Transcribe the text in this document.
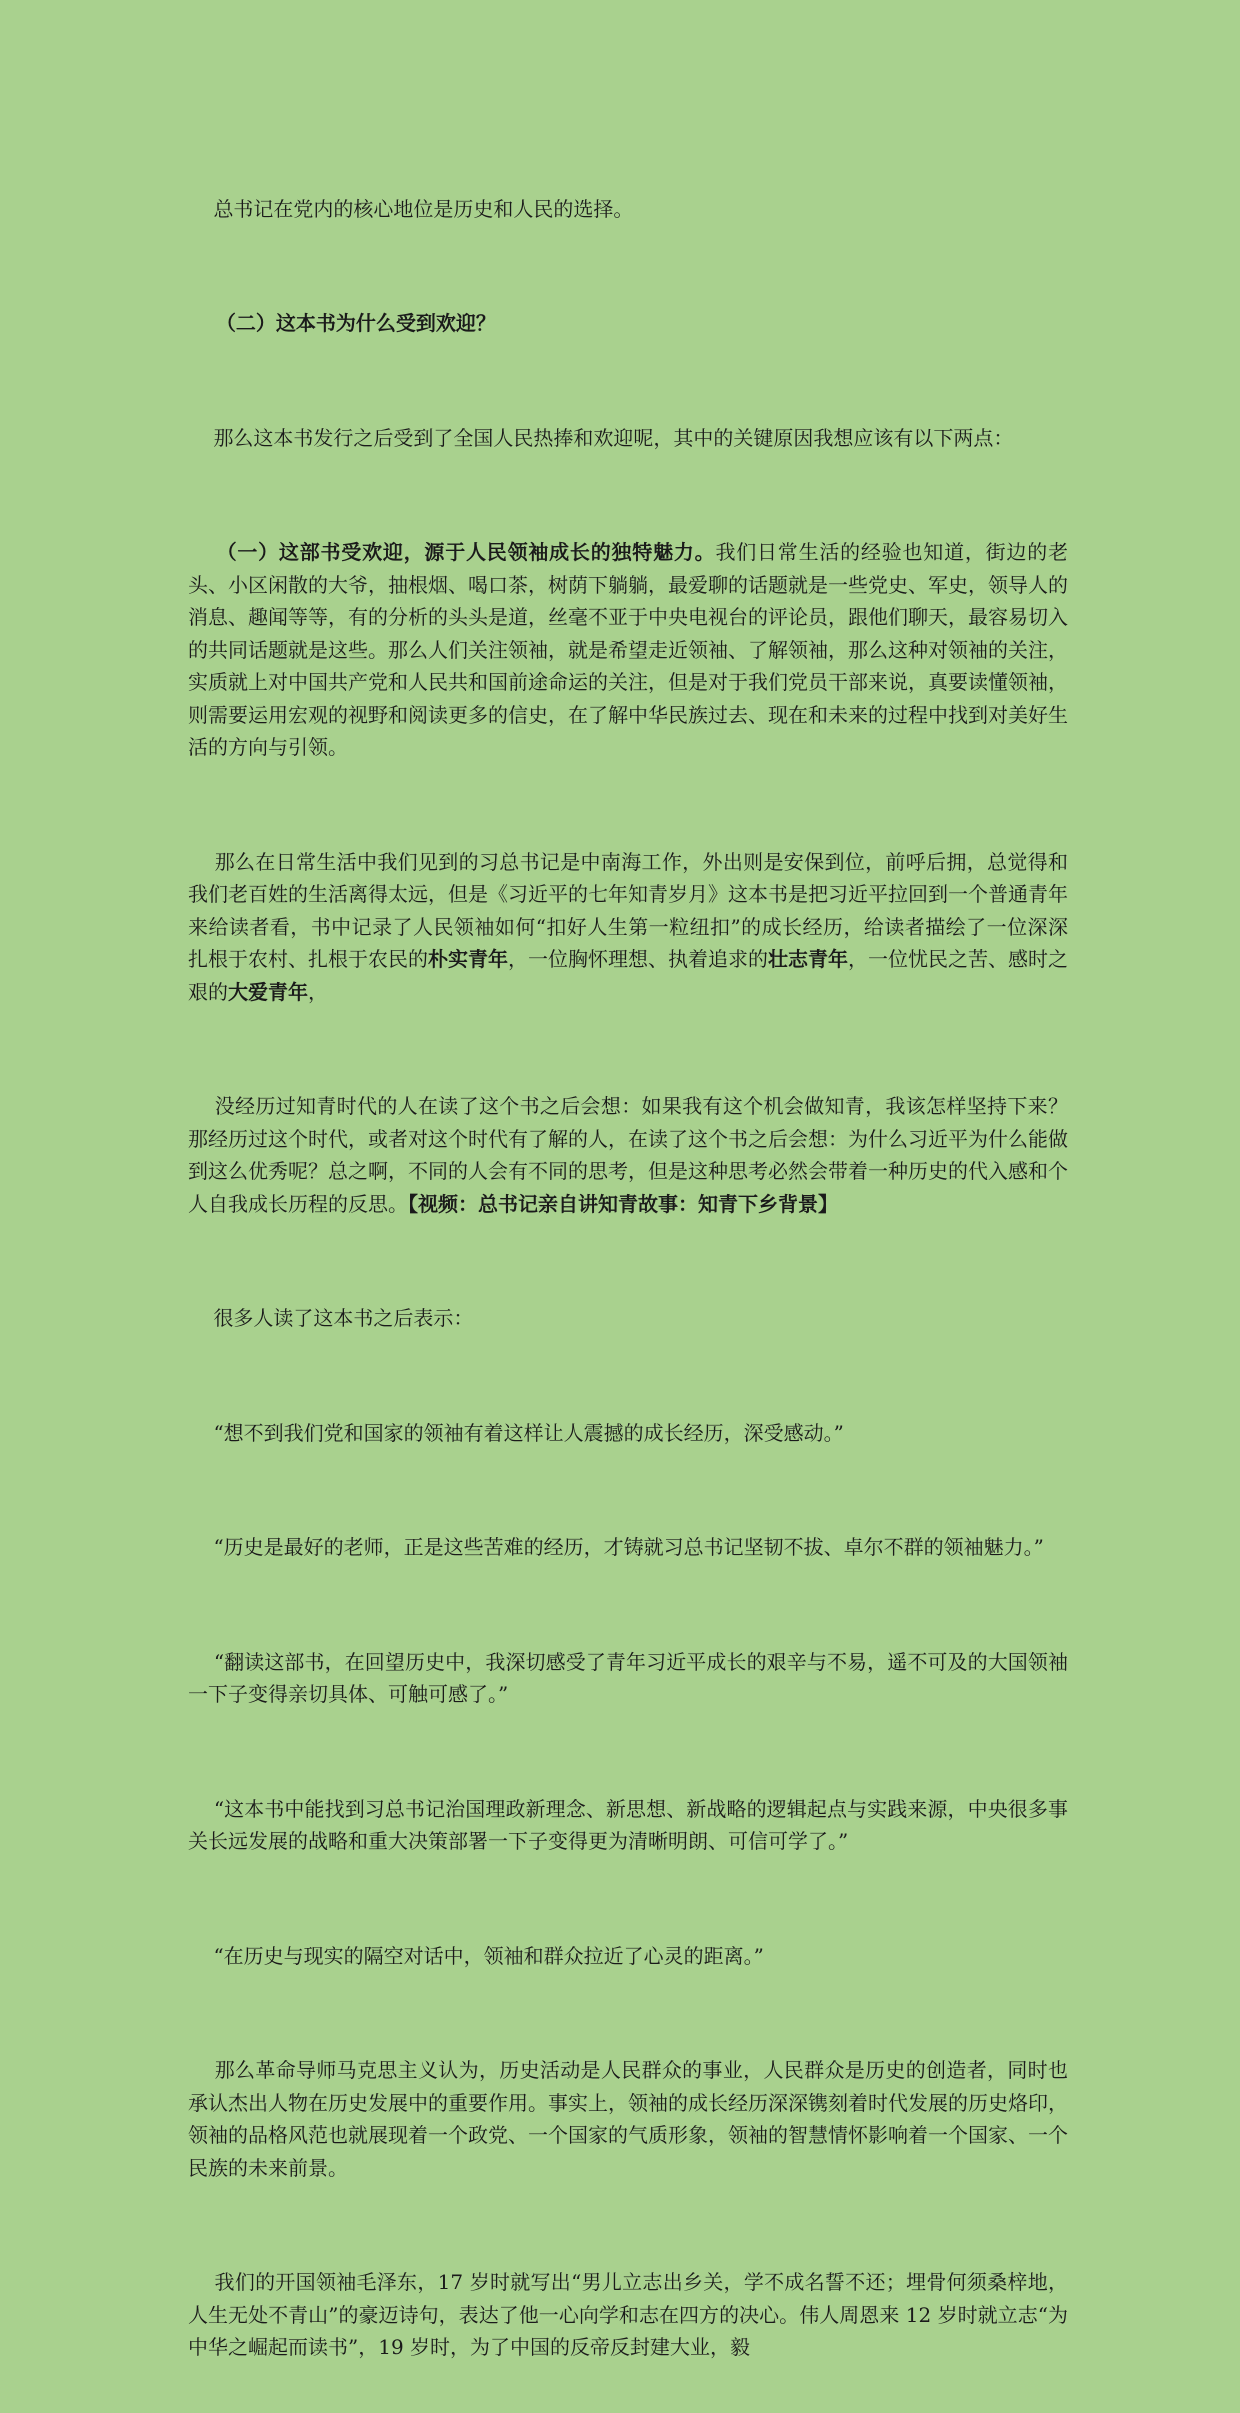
总书记在党内的核心地位是历史和人民的选择。

（二）这本书为什么受到欢迎？

那么这本书发行之后受到了全国人民热捧和欢迎呢，其中的关键原因我想应该有以下两点：

（一）这部书受欢迎，源于人民领袖成长的独特魅力。我们日常生活的经验也知道，街边的老头、小区闲散的大爷，抽根烟、喝口茶，树荫下躺躺，最爱聊的话题就是一些党史、军史，领导人的消息、趣闻等等，有的分析的头头是道，丝毫不亚于中央电视台的评论员，跟他们聊天，最容易切入的共同话题就是这些。那么人们关注领袖，就是希望走近领袖、了解领袖，那么这种对领袖的关注，实质就上对中国共产党和人民共和国前途命运的关注，但是对于我们党员干部来说，真要读懂领袖，则需要运用宏观的视野和阅读更多的信史，在了解中华民族过去、现在和未来的过程中找到对美好生活的方向与引领。

那么在日常生活中我们见到的习总书记是中南海工作，外出则是安保到位，前呼后拥，总觉得和我们老百姓的生活离得太远，但是《习近平的七年知青岁月》这本书是把习近平拉回到一个普通青年来给读者看，书中记录了人民领袖如何“扣好人生第一粒纽扣”的成长经历，给读者描绘了一位深深扎根于农村、扎根于农民的朴实青年，一位胸怀理想、执着追求的壮志青年，一位忧民之苦、感时之艰的大爱青年，

没经历过知青时代的人在读了这个书之后会想：如果我有这个机会做知青，我该怎样坚持下来？那经历过这个时代，或者对这个时代有了解的人，在读了这个书之后会想：为什么习近平为什么能做到这么优秀呢？总之啊，不同的人会有不同的思考，但是这种思考必然会带着一种历史的代入感和个人自我成长历程的反思。【视频：总书记亲自讲知青故事：知青下乡背景】

很多人读了这本书之后表示：

“想不到我们党和国家的领袖有着这样让人震撼的成长经历，深受感动。”

“历史是最好的老师，正是这些苦难的经历，才铸就习总书记坚韧不拔、卓尔不群的领袖魅力。”

“翻读这部书，在回望历史中，我深切感受了青年习近平成长的艰辛与不易，遥不可及的大国领袖一下子变得亲切具体、可触可感了。”

“这本书中能找到习总书记治国理政新理念、新思想、新战略的逻辑起点与实践来源，中央很多事关长远发展的战略和重大决策部署一下子变得更为清晰明朗、可信可学了。”

“在历史与现实的隔空对话中，领袖和群众拉近了心灵的距离。”

那么革命导师马克思主义认为，历史活动是人民群众的事业，人民群众是历史的创造者，同时也承认杰出人物在历史发展中的重要作用。事实上，领袖的成长经历深深镌刻着时代发展的历史烙印，领袖的品格风范也就展现着一个政党、一个国家的气质形象，领袖的智慧情怀影响着一个国家、一个民族的未来前景。

我们的开国领袖毛泽东，17 岁时就写出“男儿立志出乡关，学不成名誓不还；埋骨何须桑梓地，人生无处不青山”的豪迈诗句，表达了他一心向学和志在四方的决心。伟人周恩来 12 岁时就立志“为中华之崛起而读书”，19 岁时，为了中国的反帝反封建大业，毅
